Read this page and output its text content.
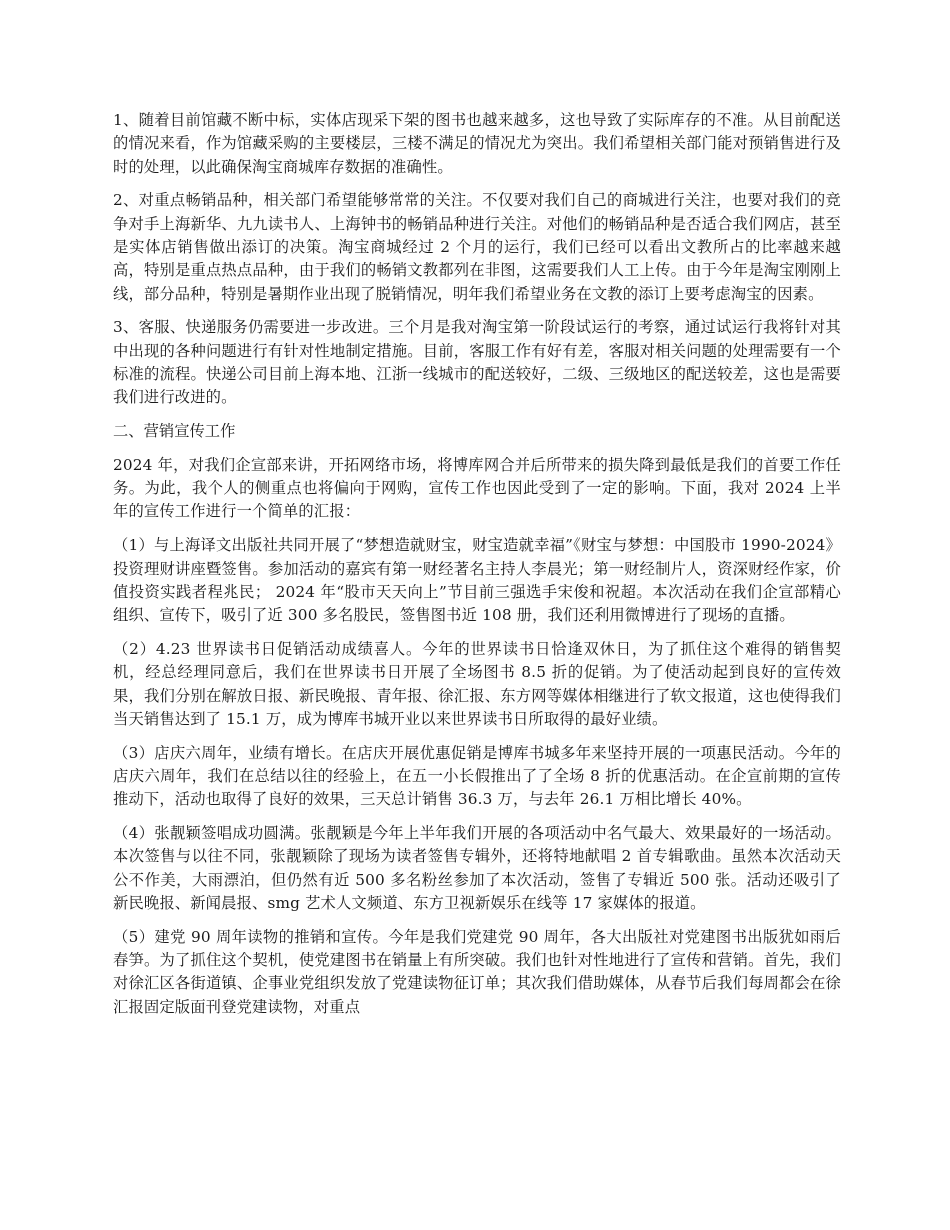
1、随着目前馆藏不断中标，实体店现采下架的图书也越来越多，这也导致了实际库存的不准。从目前配送的情况来看，作为馆藏采购的主要楼层，三楼不满足的情况尤为突出。我们希望相关部门能对预销售进行及时的处理，以此确保淘宝商城库存数据的准确性。

2、对重点畅销品种，相关部门希望能够常常的关注。不仅要对我们自己的商城进行关注，也要对我们的竞争对手上海新华、九九读书人、上海钟书的畅销品种进行关注。对他们的畅销品种是否适合我们网店，甚至是实体店销售做出添订的决策。淘宝商城经过 2 个月的运行，我们已经可以看出文教所占的比率越来越高，特别是重点热点品种，由于我们的畅销文教都列在非图，这需要我们人工上传。由于今年是淘宝刚刚上线，部分品种，特别是暑期作业出现了脱销情况，明年我们希望业务在文教的添订上要考虑淘宝的因素。

3、客服、快递服务仍需要进一步改进。三个月是我对淘宝第一阶段试运行的考察，通过试运行我将针对其中出现的各种问题进行有针对性地制定措施。目前，客服工作有好有差，客服对相关问题的处理需要有一个标准的流程。快递公司目前上海本地、江浙一线城市的配送较好，二级、三级地区的配送较差，这也是需要我们进行改进的。

二、营销宣传工作

2024 年，对我们企宣部来讲，开拓网络市场，将博库网合并后所带来的损失降到最低是我们的首要工作任务。为此，我个人的侧重点也将偏向于网购，宣传工作也因此受到了一定的影响。下面，我对 2024 上半年的宣传工作进行一个简单的汇报：

（1）与上海译文出版社共同开展了“梦想造就财宝，财宝造就幸福”《财宝与梦想：中国股市 1990-2024》投资理财讲座暨签售。参加活动的嘉宾有第一财经著名主持人李晨光；第一财经制片人，资深财经作家，价值投资实践者程兆民； 2024 年“股市天天向上”节目前三强选手宋俊和祝超。本次活动在我们企宣部精心组织、宣传下，吸引了近 300 多名股民，签售图书近 108 册，我们还利用微博进行了现场的直播。

（2）4.23 世界读书日促销活动成绩喜人。今年的世界读书日恰逢双休日，为了抓住这个难得的销售契机，经总经理同意后，我们在世界读书日开展了全场图书 8.5 折的促销。为了使活动起到良好的宣传效果，我们分别在解放日报、新民晚报、青年报、徐汇报、东方网等媒体相继进行了软文报道，这也使得我们当天销售达到了 15.1 万，成为博库书城开业以来世界读书日所取得的最好业绩。

（3）店庆六周年，业绩有增长。在店庆开展优惠促销是博库书城多年来坚持开展的一项惠民活动。今年的店庆六周年，我们在总结以往的经验上，在五一小长假推出了了全场 8 折的优惠活动。在企宣前期的宣传推动下，活动也取得了良好的效果，三天总计销售 36.3 万，与去年 26.1 万相比增长 40%。

（4）张靓颖签唱成功圆满。张靓颖是今年上半年我们开展的各项活动中名气最大、效果最好的一场活动。本次签售与以往不同，张靓颖除了现场为读者签售专辑外，还将特地献唱 2 首专辑歌曲。虽然本次活动天公不作美，大雨漂泊，但仍然有近 500 多名粉丝参加了本次活动，签售了专辑近 500 张。活动还吸引了新民晚报、新闻晨报、smg 艺术人文频道、东方卫视新娱乐在线等 17 家媒体的报道。

（5）建党 90 周年读物的推销和宣传。今年是我们党建党 90 周年，各大出版社对党建图书出版犹如雨后春笋。为了抓住这个契机，使党建图书在销量上有所突破。我们也针对性地进行了宣传和营销。首先，我们对徐汇区各街道镇、企事业党组织发放了党建读物征订单；其次我们借助媒体，从春节后我们每周都会在徐汇报固定版面刊登党建读物，对重点
